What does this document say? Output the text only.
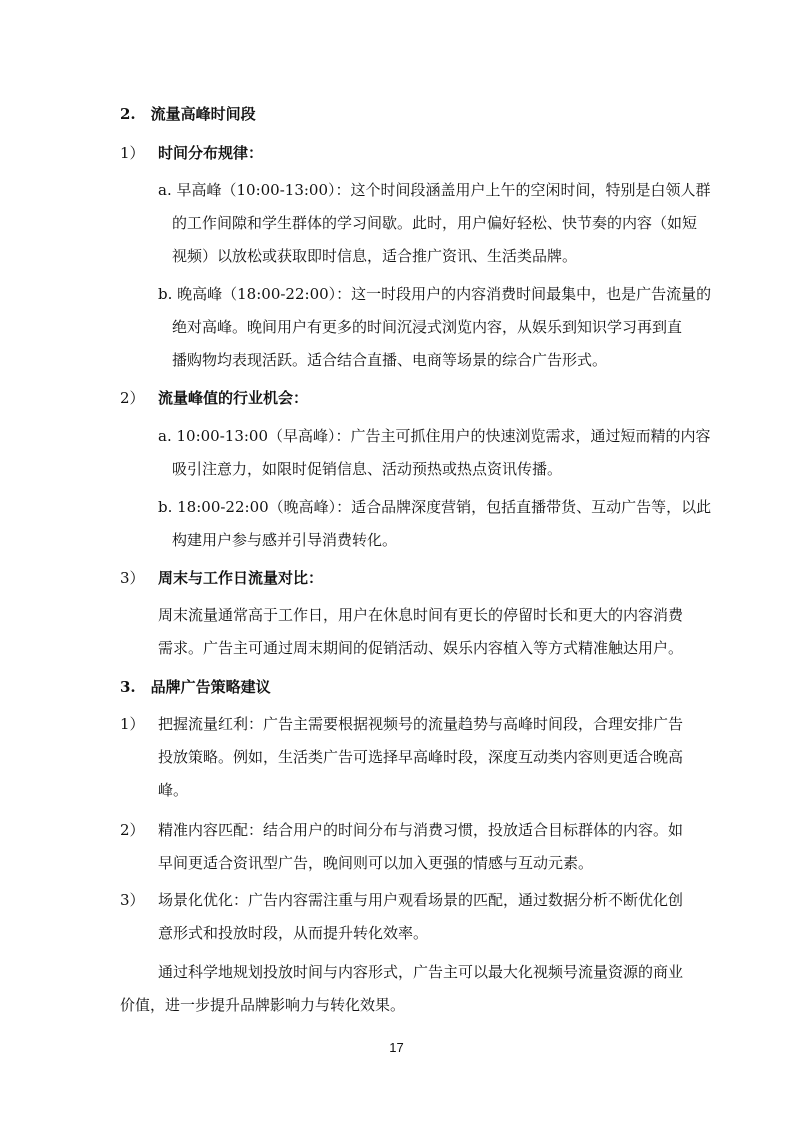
2.　流量高峰时间段
1） 时间分布规律：
a. 早高峰（10:00-13:00）：这个时间段涵盖用户上午的空闲时间，特别是白领人群
的工作间隙和学生群体的学习间歇。此时，用户偏好轻松、快节奏的内容（如短
视频）以放松或获取即时信息，适合推广资讯、生活类品牌。
b. 晚高峰（18:00-22:00）：这一时段用户的内容消费时间最集中，也是广告流量的
绝对高峰。晚间用户有更多的时间沉浸式浏览内容，从娱乐到知识学习再到直
播购物均表现活跃。适合结合直播、电商等场景的综合广告形式。
2） 流量峰值的行业机会：
a. 10:00-13:00（早高峰）：广告主可抓住用户的快速浏览需求，通过短而精的内容
吸引注意力，如限时促销信息、活动预热或热点资讯传播。
b. 18:00-22:00（晚高峰）：适合品牌深度营销，包括直播带货、互动广告等，以此
构建用户参与感并引导消费转化。
3） 周末与工作日流量对比：
周末流量通常高于工作日，用户在休息时间有更长的停留时长和更大的内容消费
需求。广告主可通过周末期间的促销活动、娱乐内容植入等方式精准触达用户。
3.　品牌广告策略建议
1） 把握流量红利：广告主需要根据视频号的流量趋势与高峰时间段，合理安排广告
投放策略。例如，生活类广告可选择早高峰时段，深度互动类内容则更适合晚高
峰。
2） 精准内容匹配：结合用户的时间分布与消费习惯，投放适合目标群体的内容。如
早间更适合资讯型广告，晚间则可以加入更强的情感与互动元素。
3） 场景化优化：广告内容需注重与用户观看场景的匹配，通过数据分析不断优化创
意形式和投放时段，从而提升转化效率。
通过科学地规划投放时间与内容形式，广告主可以最大化视频号流量资源的商业
价值，进一步提升品牌影响力与转化效果。
17
